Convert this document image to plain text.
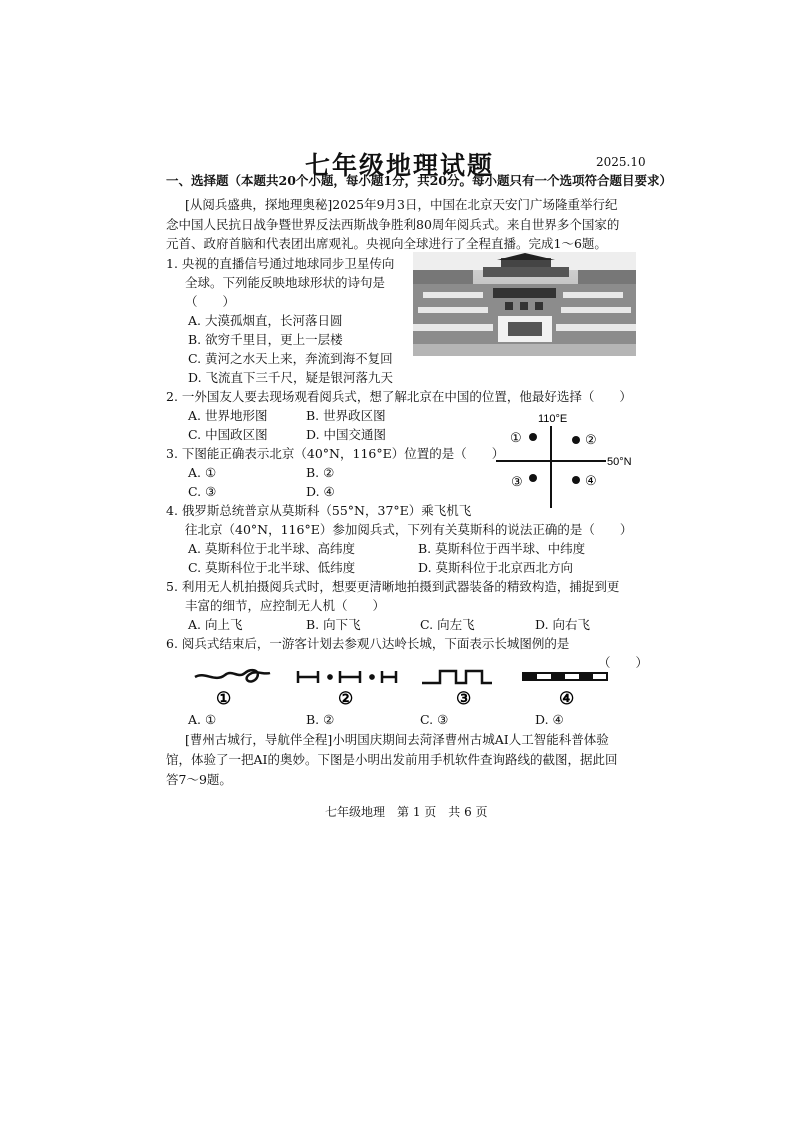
七年级地理试题	2025.10
一、选择题（本题共20个小题，每小题1分，共20分。每小题只有一个选项符合题目要求）
[从阅兵盛典，探地理奥秘]2025年9月3日，中国在北京天安门广场隆重举行纪
念中国人民抗日战争暨世界反法西斯战争胜利80周年阅兵式。来自世界多个国家的
元首、政府首脑和代表团出席观礼。央视向全球进行了全程直播。完成1～6题。
1. 央视的直播信号通过地球同步卫星传向
全球。下列能反映地球形状的诗句是
（　　）
A. 大漠孤烟直，长河落日圆
B. 欲穷千里目，更上一层楼
C. 黄河之水天上来，奔流到海不复回
D. 飞流直下三千尺，疑是银河落九天
2. 一外国友人要去现场观看阅兵式，想了解北京在中国的位置，他最好选择（　　）
A. 世界地形图	B. 世界政区图
C. 中国政区图	D. 中国交通图
3. 下图能正确表示北京（40°N，116°E）位置的是（　　）
A. ①	B. ②
C. ③	D. ④
110°E
50°N
①	②
③	④
4. 俄罗斯总统普京从莫斯科（55°N，37°E）乘飞机飞
往北京（40°N，116°E）参加阅兵式，下列有关莫斯科的说法正确的是（　　）
A. 莫斯科位于北半球、高纬度	B. 莫斯科位于西半球、中纬度
C. 莫斯科位于北半球、低纬度	D. 莫斯科位于北京西北方向
5. 利用无人机拍摄阅兵式时，想要更清晰地拍摄到武器装备的精致构造，捕捉到更
丰富的细节，应控制无人机（　　）
A. 向上飞	B. 向下飞	C. 向左飞	D. 向右飞
6. 阅兵式结束后，一游客计划去参观八达岭长城，下面表示长城图例的是
（　　）
①	②	③	④
A. ①	B. ②	C. ③	D. ④
[曹州古城行，导航伴全程]小明国庆期间去菏泽曹州古城AI人工智能科普体验
馆，体验了一把AI的奥妙。下图是小明出发前用手机软件查询路线的截图，据此回
答7～9题。
七年级地理　第 1 页　共 6 页
